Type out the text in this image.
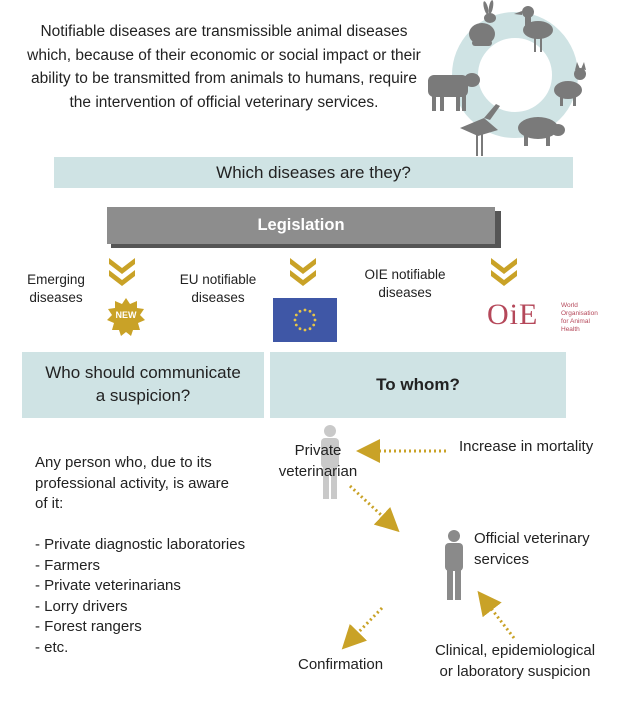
Notifiable diseases are transmissible animal diseases which, because of their economic or social impact or their ability to be transmitted from animals to humans, require the intervention of official veterinary services.
Which diseases are they?
Legislation
Emerging
diseases
EU notifiable
diseases
OIE notifiable
diseases
NEW	OiE	World
Organisation
for Animal
Health
Who should communicate
a suspicion?
To whom?
Any person who, due to its
professional activity, is aware
of it:
- Private diagnostic laboratories
- Farmers
- Private veterinarians
- Lorry drivers
- Forest rangers
- etc.
Private
veterinarian
Increase in mortality
Official veterinary
services
Clinical, epidemiological
or laboratory suspicion
Confirmation
